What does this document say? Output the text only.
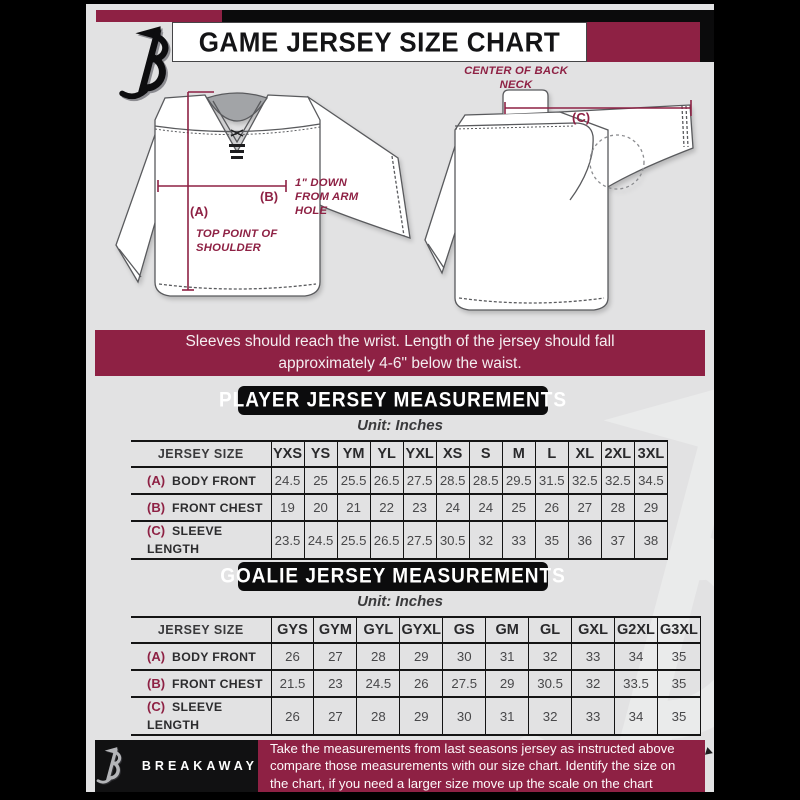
GAME JERSEY SIZE CHART
CENTER OF BACK NECK
(C)
(A)
TOP POINT OF SHOULDER
(B)
1" DOWN FROM ARM HOLE

Sleeves should reach the wrist. Length of the jersey should fall approximately 4-6" below the waist.

PLAYER JERSEY MEASUREMENTS
Unit: Inches
JERSEY SIZE	YXS	YS	YM	YL	YXL	XS	S	M	L	XL	2XL	3XL
(A) BODY FRONT	24.5	25	25.5	26.5	27.5	28.5	28.5	29.5	31.5	32.5	32.5	34.5
(B) FRONT CHEST	19	20	21	22	23	24	24	25	26	27	28	29
(C) SLEEVE LENGTH	23.5	24.5	25.5	26.5	27.5	30.5	32	33	35	36	37	38
GOALIE JERSEY MEASUREMENTS
Unit: Inches
JERSEY SIZE	GYS	GYM	GYL	GYXL	GS	GM	GL	GXL	G2XL	G3XL
(A) BODY FRONT	26	27	28	29	30	31	32	33	34	35
(B) FRONT CHEST	21.5	23	24.5	26	27.5	29	30.5	32	33.5	35
(C) SLEEVE LENGTH	26	27	28	29	30	31	32	33	34	35
BREAKAWAY

Take the measurements from last seasons jersey as instructed above compare those measurements with our size chart. Identify the size on the chart, if you need a larger size move up the scale on the chart
